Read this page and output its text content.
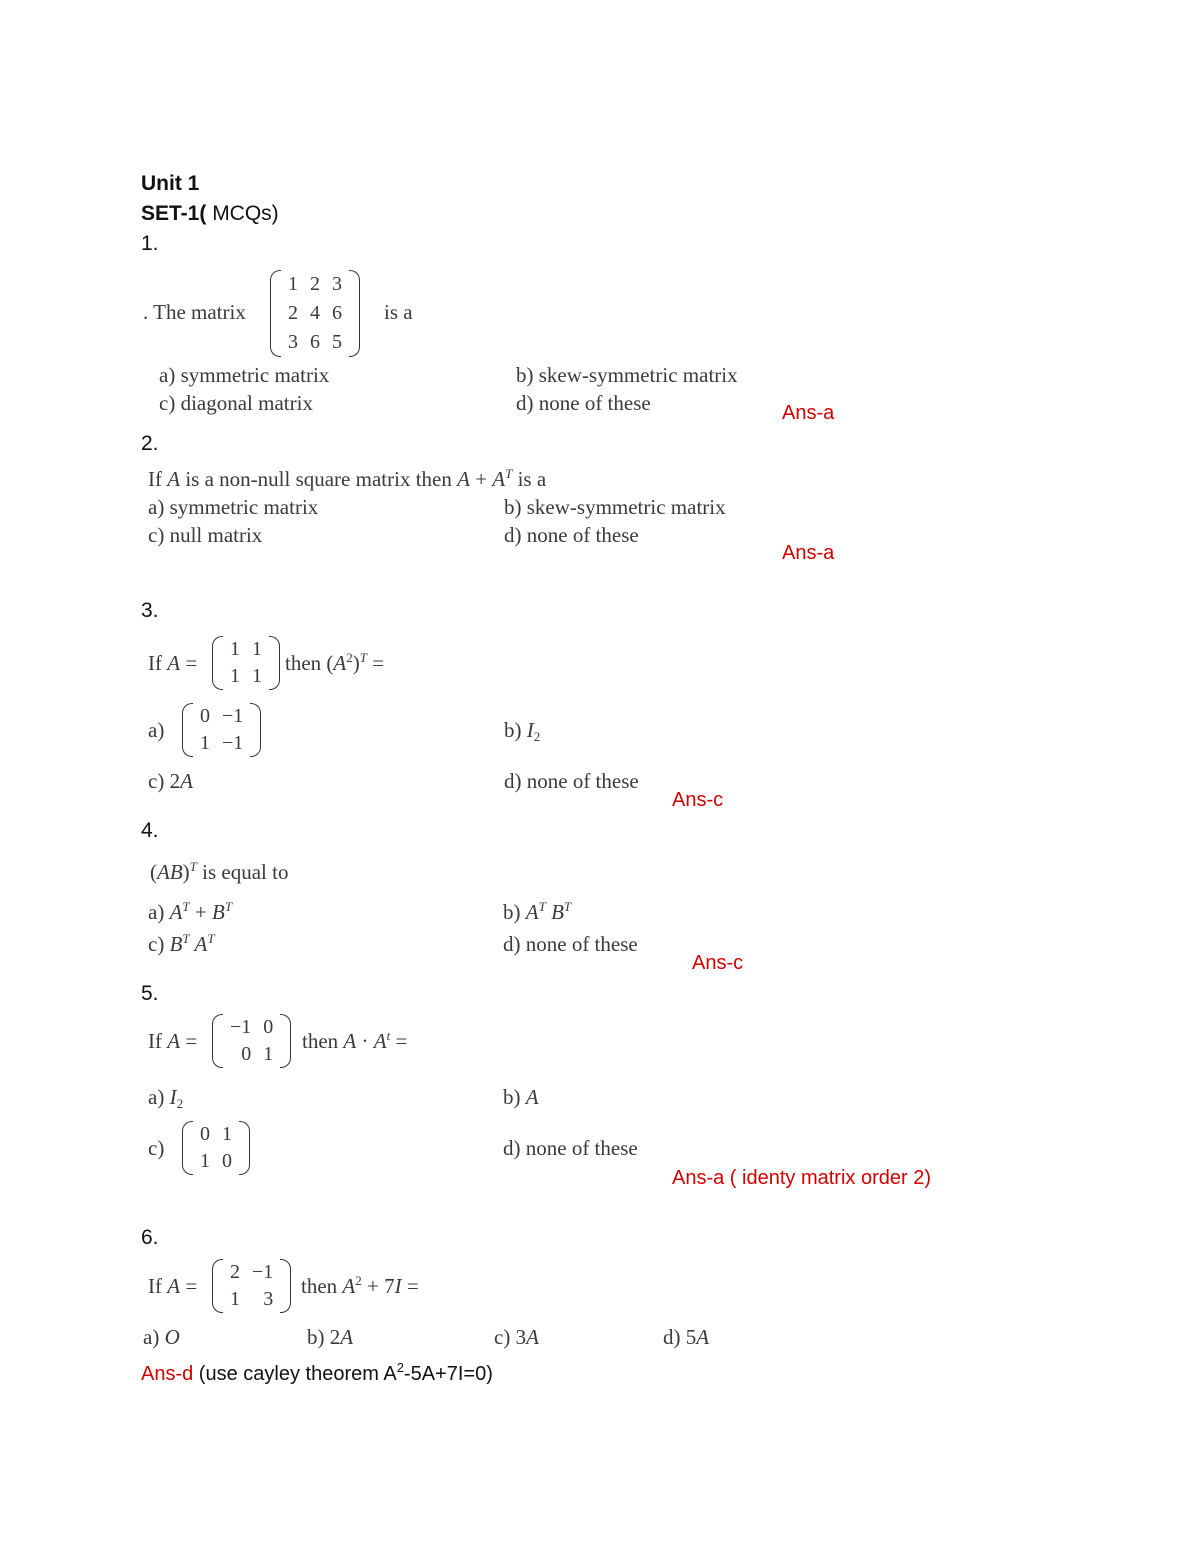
Unit 1
SET-1( MCQs)
1.
. The matrix
1	2	3
2	4	6
3	6	5
is a
a) symmetric matrix	b) skew-symmetric matrix
c) diagonal matrix	d) none of these	Ans-a
2.
If A is a non-null square matrix then $A + A^T$ is a
a) symmetric matrix	b) skew-symmetric matrix
c) null matrix	d) none of these
Ans-a
3.
If A =
1	1
1	1
then $(A^2)^T$ =
a)
0	−1
1	−1
b) $I_2$
c) 2A	d) none of these
Ans-c
4.
(AB)$^T$ is equal to
a) $A^T + B^T$	b) $A^T$ $B^T$
c) $B^T$ $A^T$	d) none of these
Ans-c
5.
If A =
−1	0
0	1
then $A \cdot A^t$ =
a) $I_2$	b) A
c)
0	1
1	0
d) none of these
Ans-a ( identy matrix order 2)
6.
If A =
2	−1
1	3
then $A^2 + 7I$ =
a) O	b) 2A	c) 3A	d) 5A
Ans-d (use cayley theorem $A^2-5A+7I=0$)
